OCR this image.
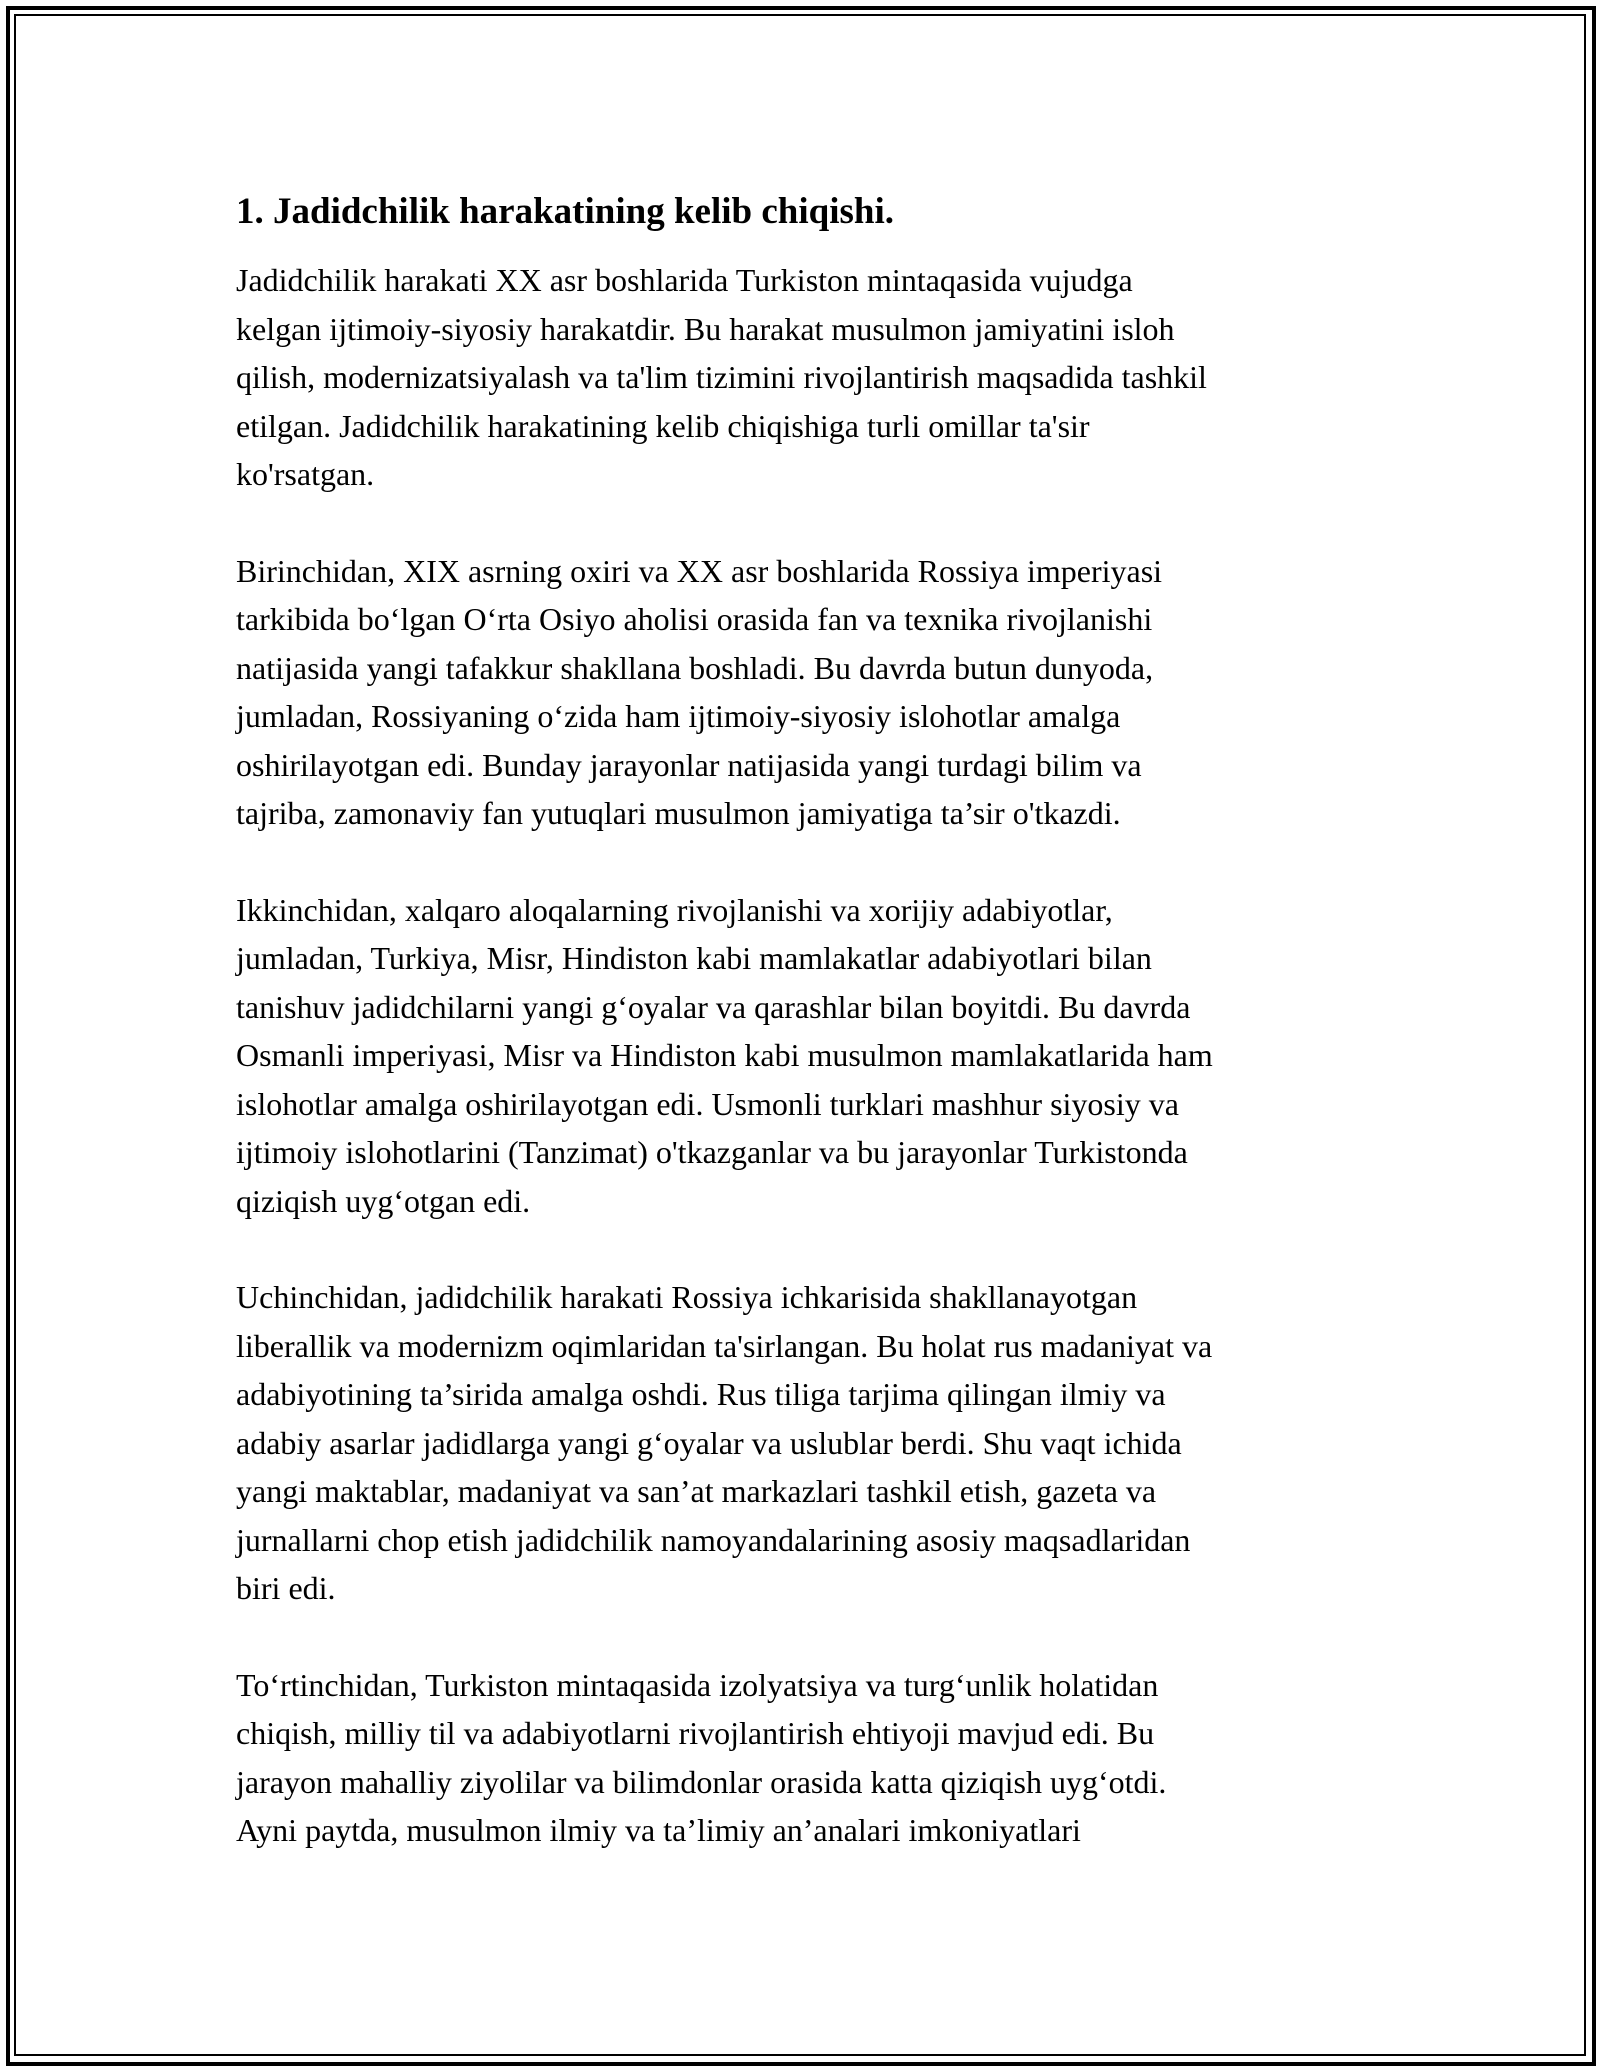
1. Jadidchilik harakatining kelib chiqishi.

Jadidchilik harakati XX asr boshlarida Turkiston mintaqasida vujudga
kelgan ijtimoiy-siyosiy harakatdir. Bu harakat musulmon jamiyatini isloh
qilish, modernizatsiyalash va ta'lim tizimini rivojlantirish maqsadida tashkil
etilgan. Jadidchilik harakatining kelib chiqishiga turli omillar ta'sir
ko'rsatgan.

Birinchidan, XIX asrning oxiri va XX asr boshlarida Rossiya imperiyasi
tarkibida bo‘lgan O‘rta Osiyo aholisi orasida fan va texnika rivojlanishi
natijasida yangi tafakkur shakllana boshladi. Bu davrda butun dunyoda,
jumladan, Rossiyaning o‘zida ham ijtimoiy-siyosiy islohotlar amalga
oshirilayotgan edi. Bunday jarayonlar natijasida yangi turdagi bilim va
tajriba, zamonaviy fan yutuqlari musulmon jamiyatiga ta’sir o'tkazdi.

Ikkinchidan, xalqaro aloqalarning rivojlanishi va xorijiy adabiyotlar,
jumladan, Turkiya, Misr, Hindiston kabi mamlakatlar adabiyotlari bilan
tanishuv jadidchilarni yangi g‘oyalar va qarashlar bilan boyitdi. Bu davrda
Osmanli imperiyasi, Misr va Hindiston kabi musulmon mamlakatlarida ham
islohotlar amalga oshirilayotgan edi. Usmonli turklari mashhur siyosiy va
ijtimoiy islohotlarini (Tanzimat) o'tkazganlar va bu jarayonlar Turkistonda
qiziqish uyg‘otgan edi.

Uchinchidan, jadidchilik harakati Rossiya ichkarisida shakllanayotgan
liberallik va modernizm oqimlaridan ta'sirlangan. Bu holat rus madaniyat va
adabiyotining ta’sirida amalga oshdi. Rus tiliga tarjima qilingan ilmiy va
adabiy asarlar jadidlarga yangi g‘oyalar va uslublar berdi. Shu vaqt ichida
yangi maktablar, madaniyat va san’at markazlari tashkil etish, gazeta va
jurnallarni chop etish jadidchilik namoyandalarining asosiy maqsadlaridan
biri edi.

To‘rtinchidan, Turkiston mintaqasida izolyatsiya va turg‘unlik holatidan
chiqish, milliy til va adabiyotlarni rivojlantirish ehtiyoji mavjud edi. Bu
jarayon mahalliy ziyolilar va bilimdonlar orasida katta qiziqish uyg‘otdi.
Ayni paytda, musulmon ilmiy va ta’limiy an’analari imkoniyatlari
